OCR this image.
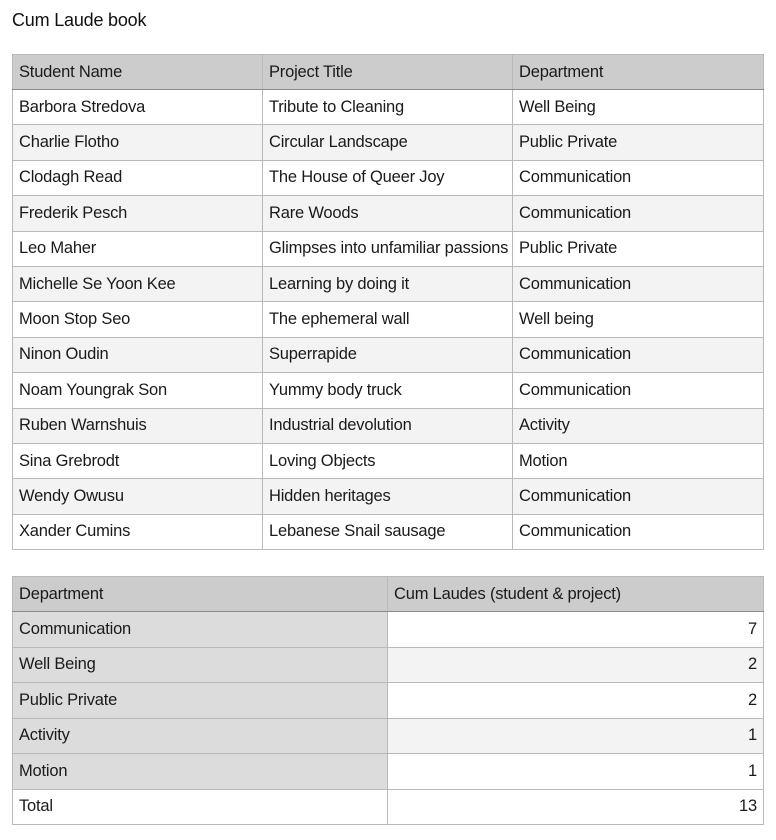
Cum Laude book
Student Name	Project Title	Department
Barbora Stredova	Tribute to Cleaning	Well Being
Charlie Flotho	Circular Landscape	Public Private
Clodagh Read	The House of Queer Joy	Communication
Frederik Pesch	Rare Woods	Communication
Leo Maher	Glimpses into unfamiliar passions	Public Private
Michelle Se Yoon Kee	Learning by doing it	Communication
Moon Stop Seo	The ephemeral wall	Well being
Ninon Oudin	Superrapide	Communication
Noam Youngrak Son	Yummy body truck	Communication
Ruben Warnshuis	Industrial devolution	Activity
Sina Grebrodt	Loving Objects	Motion
Wendy Owusu	Hidden heritages	Communication
Xander Cumins	Lebanese Snail sausage	Communication
Department	Cum Laudes (student & project)
Communication	7
Well Being	2
Public Private	2
Activity	1
Motion	1
Total	13
